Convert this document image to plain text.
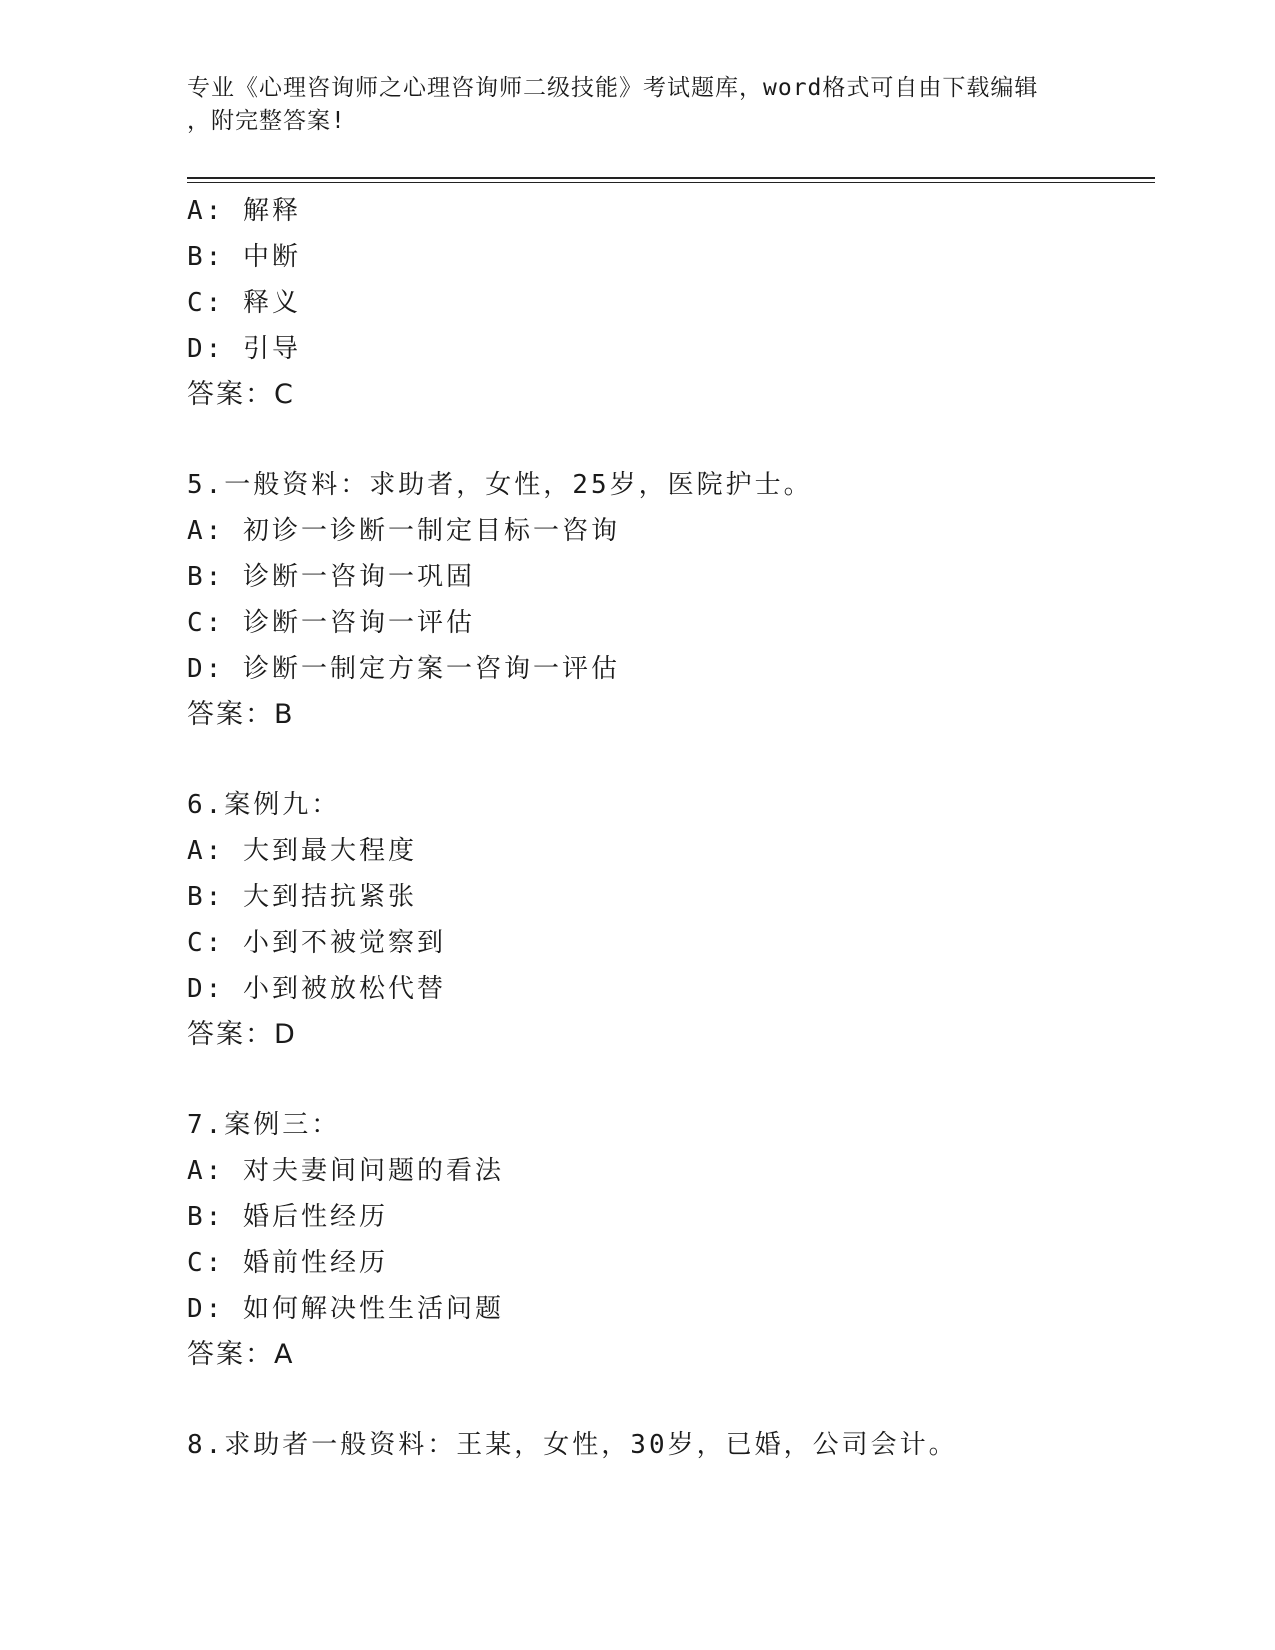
专业《心理咨询师之心理咨询师二级技能》考试题库，word格式可自由下载编辑
，附完整答案!
A: 解释
B: 中断
C: 释义
D: 引导
答案：C
5.一般资料：求助者，女性，25岁，医院护士。
A: 初诊一诊断一制定目标一咨询
B: 诊断一咨询一巩固
C: 诊断一咨询一评估
D: 诊断一制定方案一咨询一评估
答案：B
6.案例九：
A: 大到最大程度
B: 大到拮抗紧张
C: 小到不被觉察到
D: 小到被放松代替
答案：D
7.案例三：
A: 对夫妻间问题的看法
B: 婚后性经历
C: 婚前性经历
D: 如何解决性生活问题
答案：A
8.求助者一般资料：王某，女性，30岁，已婚，公司会计。
